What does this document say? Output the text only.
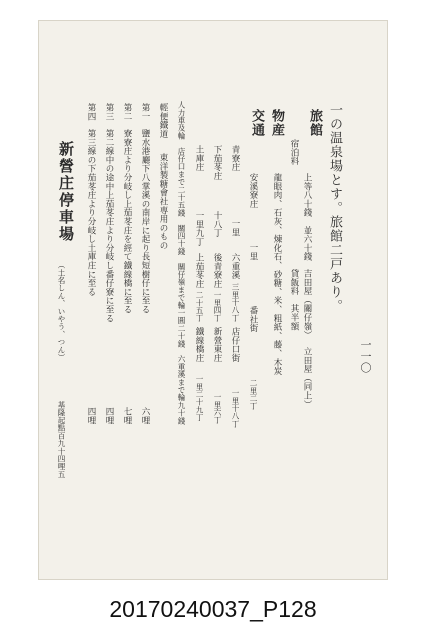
一一〇
一の温泉場とす。旅館二戸あり。
旅館
宿泊料
上等八十錢　並六十錢
吉田屋（關仔嶺）
貸飯料　其半額
立田屋（同上）
物産
龍眼肉、石灰、煉化石、砂糖、米、粗紙、藤、木炭
交通
安溪寮庄
一里
番社街
二里二丁
青寮庄
一里
六重溪
三里十八丁
店仔口街
一里十八丁
下茄苳庄
十八丁
後青寮庄
一里四丁
新營東庄
一里六丁
土庫庄
一里九丁
上茄苳庄
二十五丁
鐵線橋庄
一里二十九丁
人力車及輪　店仔口まで二十五錢　關四十錢　關仔嶺まで輪一圓二十錢　六重溪まで輪九十錢
輕便鐵道
東洋製糖會社専用のもの
第一
鹽水港廳下八掌溪の南岸に起り長短樹仔に至る
六哩
第二
寮寮庄より分岐し上茄苳庄を經て鐵線橋に至る
七哩
第三
第二線中の途中上茄苳庄より分岐し番仔寮に至る
四哩
第四
第三線の下茄苳庄より分岐し土庫庄に至る
四哩
新營庄停車場
（土名しん、いやう、つん）
基隆起點百九十四哩五
20170240037_P128
